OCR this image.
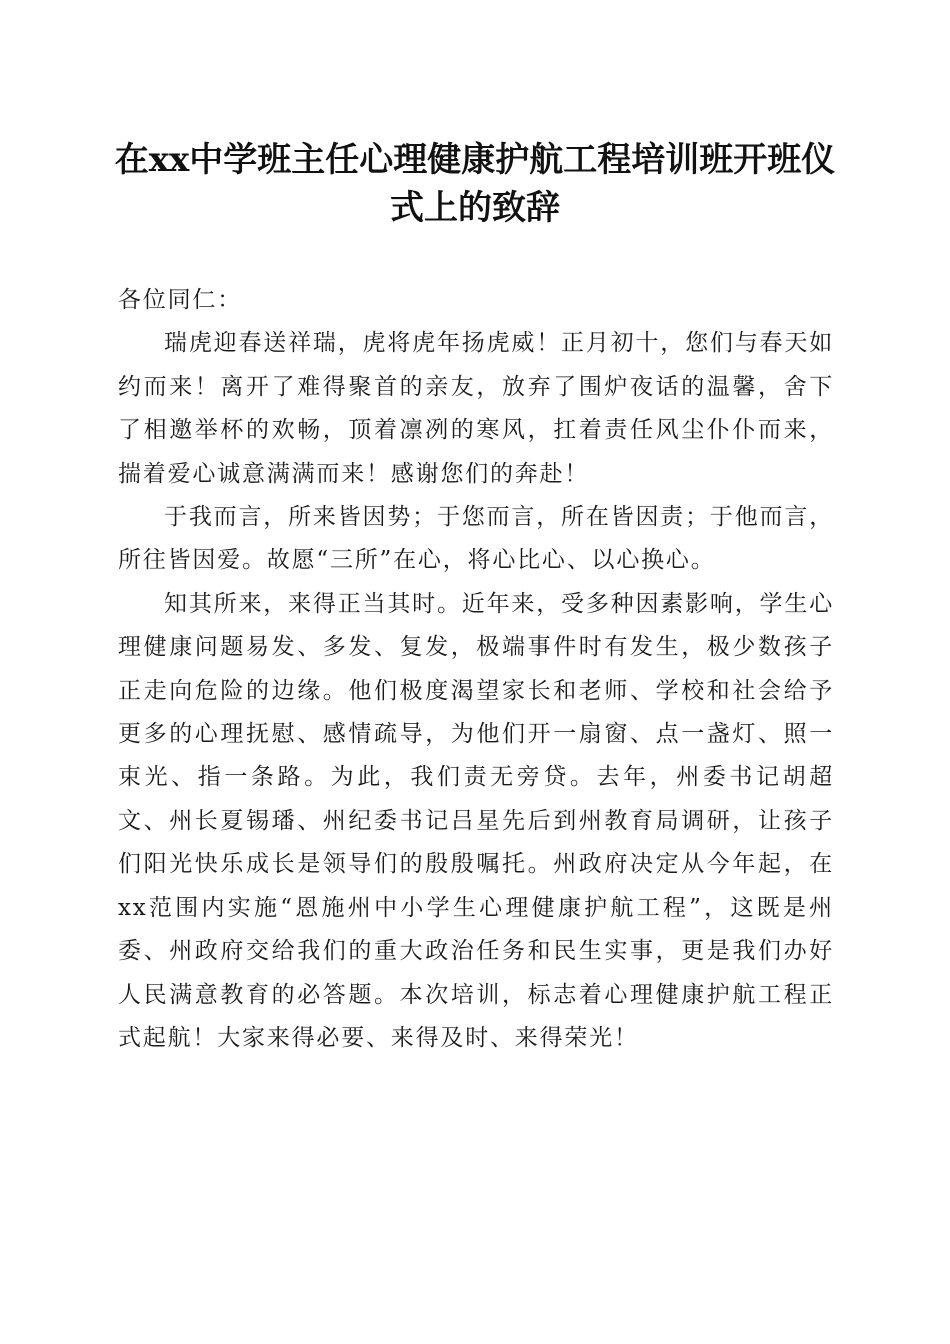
在xx中学班主任心理健康护航工程培训班开班仪式上的致辞

各位同仁：

瑞虎迎春送祥瑞，虎将虎年扬虎威！正月初十，您们与春天如约而来！离开了难得聚首的亲友，放弃了围炉夜话的温馨，舍下了相邀举杯的欢畅，顶着凛冽的寒风，扛着责任风尘仆仆而来，揣着爱心诚意满满而来！感谢您们的奔赴！

于我而言，所来皆因势；于您而言，所在皆因责；于他而言，所往皆因爱。故愿“三所”在心，将心比心、以心换心。

知其所来，来得正当其时。近年来，受多种因素影响，学生心理健康问题易发、多发、复发，极端事件时有发生，极少数孩子正走向危险的边缘。他们极度渴望家长和老师、学校和社会给予更多的心理抚慰、感情疏导，为他们开一扇窗、点一盏灯、照一束光、指一条路。为此，我们责无旁贷。去年，州委书记胡超文、州长夏锡璠、州纪委书记吕星先后到州教育局调研，让孩子们阳光快乐成长是领导们的殷殷嘱托。州政府决定从今年起，在xx范围内实施“恩施州中小学生心理健康护航工程”，这既是州委、州政府交给我们的重大政治任务和民生实事，更是我们办好人民满意教育的必答题。本次培训，标志着心理健康护航工程正式起航！大家来得必要、来得及时、来得荣光！
